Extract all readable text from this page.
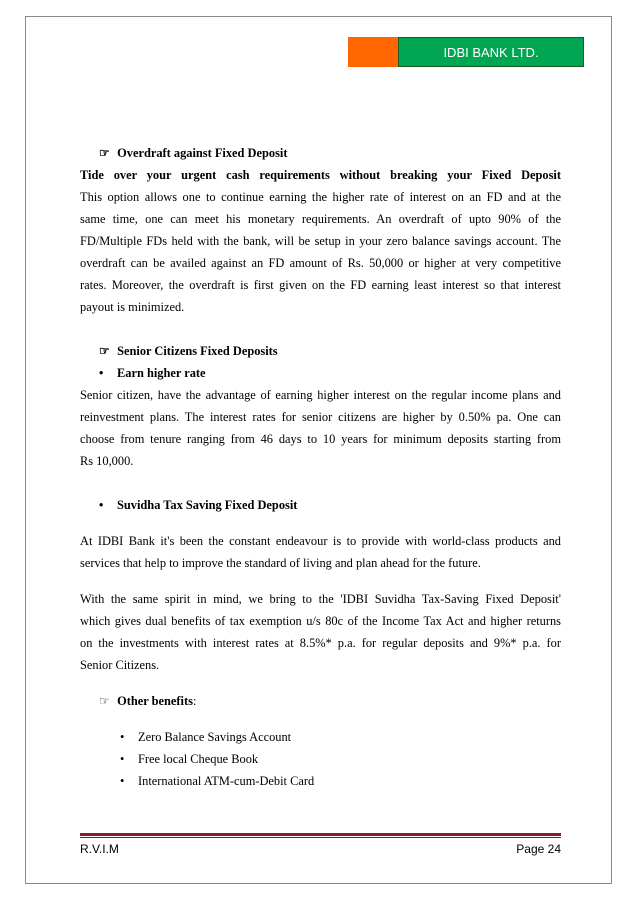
IDBI BANK LTD.
☞ Overdraft against Fixed Deposit
Tide over your urgent cash requirements without breaking your Fixed Deposit
This option allows one to continue earning the higher rate of interest on an FD and at the
same time, one can meet his monetary requirements. An overdraft of upto 90% of the
FD/Multiple FDs held with the bank, will be setup in your zero balance savings account. The
overdraft can be availed against an FD amount of Rs. 50,000 or higher at very competitive
rates. Moreover, the overdraft is first given on the FD earning least interest so that interest
payout is minimized.
☞ Senior Citizens Fixed Deposits
• Earn higher rate
Senior citizen, have the advantage of earning higher interest on the regular income plans and
reinvestment plans. The interest rates for senior citizens are higher by 0.50% pa. One can
choose from tenure ranging from 46 days to 10 years for minimum deposits starting from
Rs 10,000.
• Suvidha Tax Saving Fixed Deposit
At IDBI Bank it's been the constant endeavour is to provide with world-class products and
services that help to improve the standard of living and plan ahead for the future.
With the same spirit in mind, we bring to the 'IDBI Suvidha Tax-Saving Fixed Deposit'
which gives dual benefits of tax exemption u/s 80c of the Income Tax Act and higher returns
on the investments with interest rates at 8.5%* p.a. for regular deposits and 9%* p.a. for
Senior Citizens.
☞ Other benefits:
• Zero Balance Savings Account
• Free local Cheque Book
• International ATM-cum-Debit Card
R.V.I.M	Page 24
